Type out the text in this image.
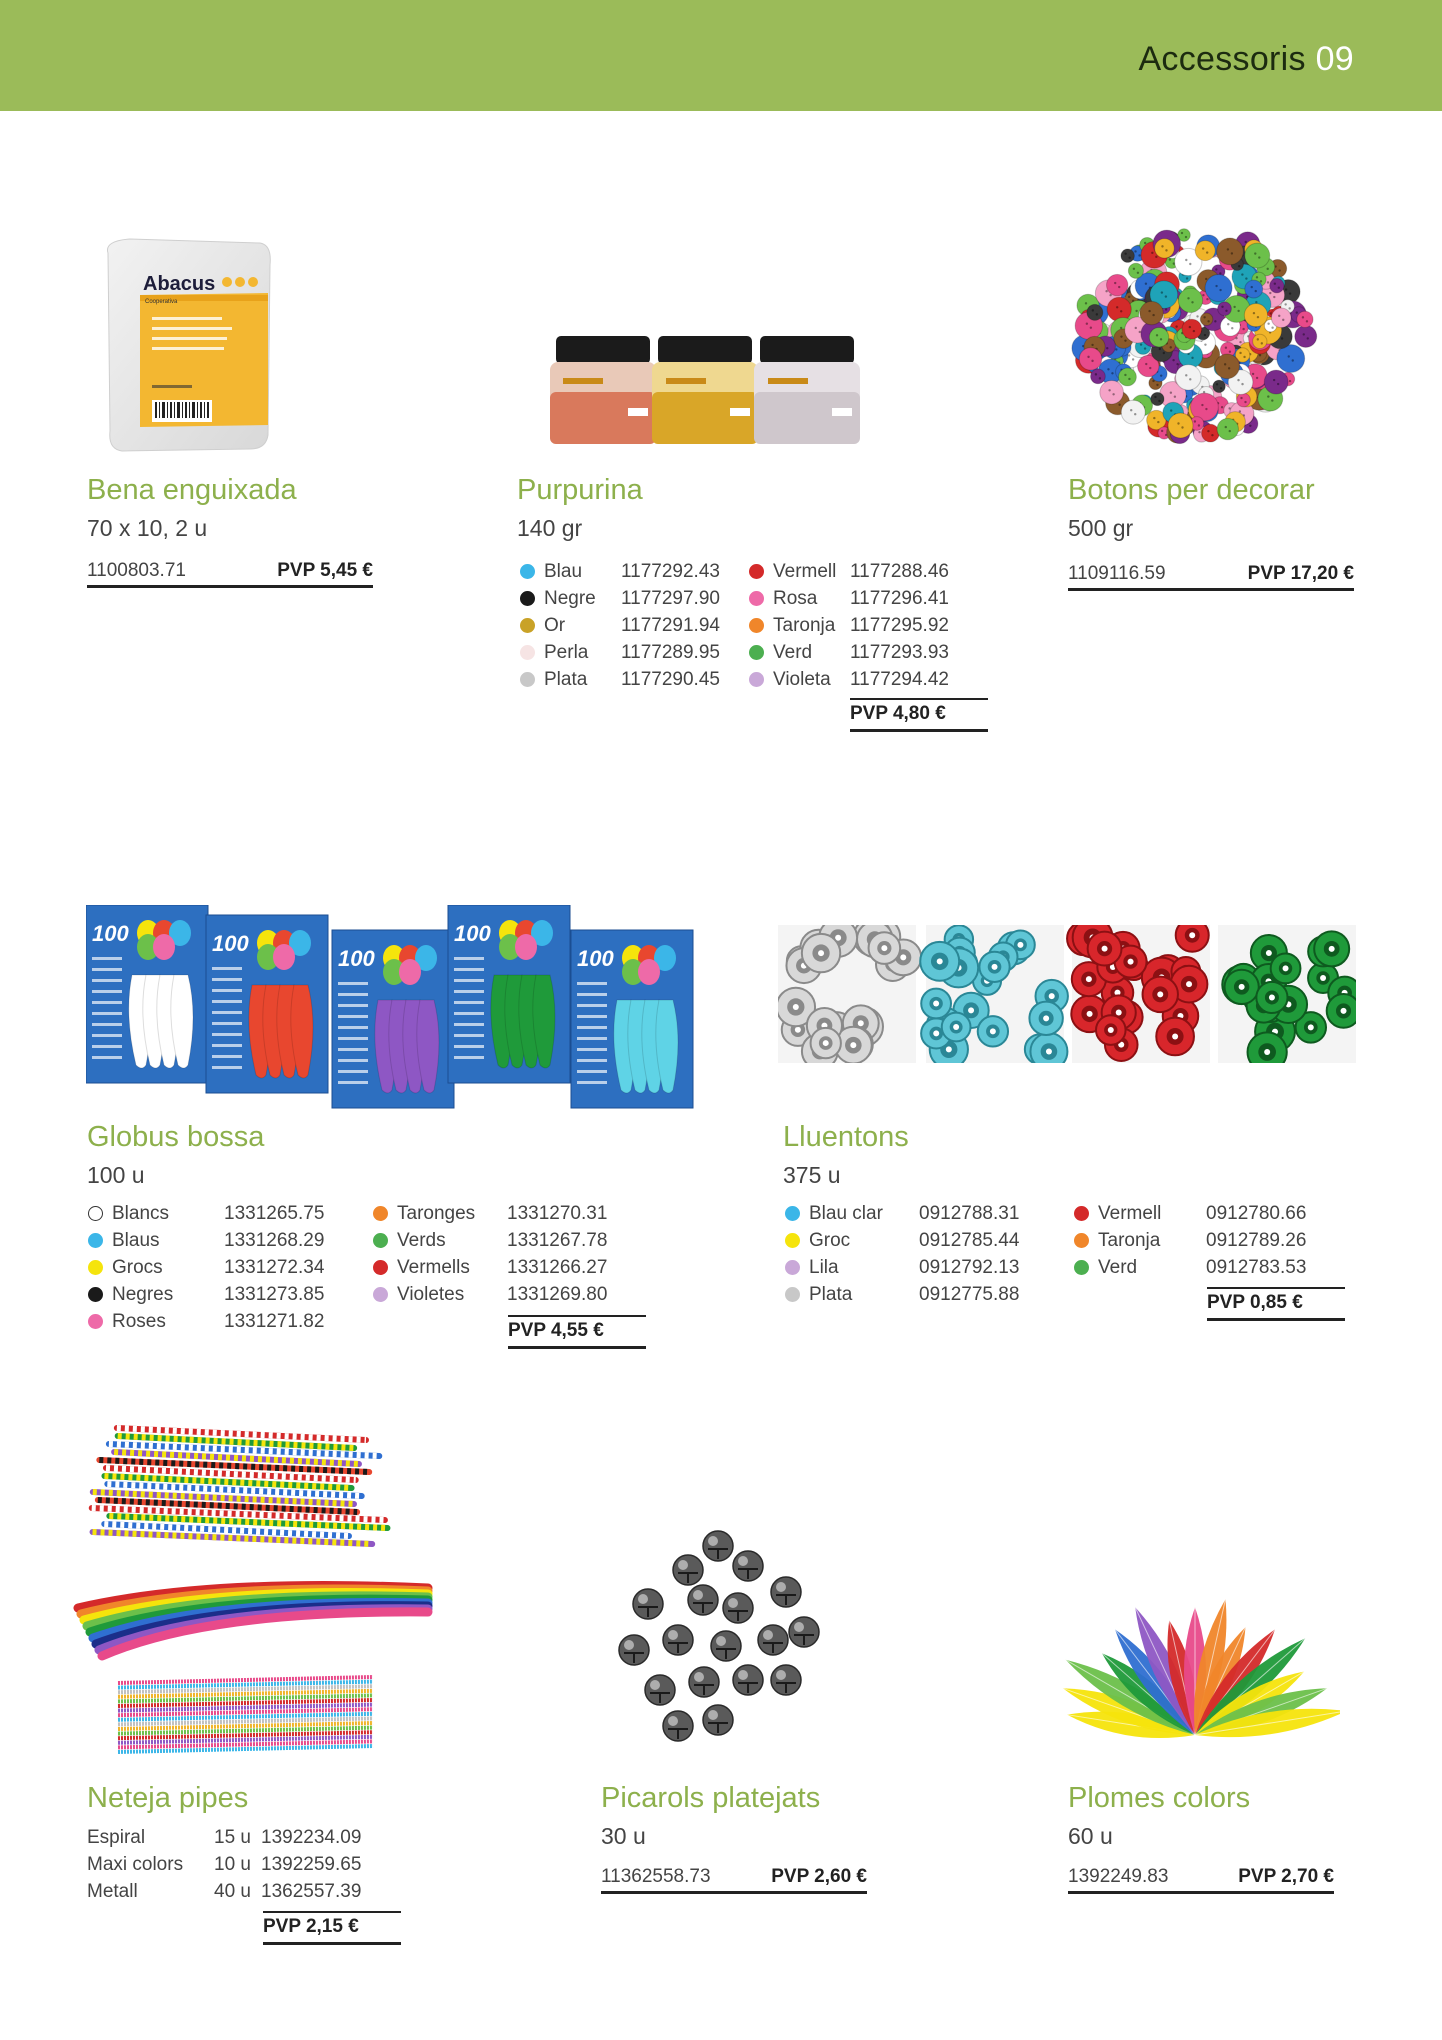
Accessoris 09
Abacus
Cooperativa
Bena enguixada
70 x 10, 2 u
1100803.71	PVP 5,45 €
Purpurina
140 gr
Blau	1177292.43
Negre	1177297.90
Or	1177291.94
Perla	1177289.95
Plata	1177290.45
Vermell 1177288.46
Rosa	1177296.41
Taronja 1177295.92
Verd	1177293.93
Violeta	1177294.42
PVP 4,80 €
Botons per decorar
500 gr
1109116.59	PVP 17,20 €
100	100
100
100
100
Globus bossa
100 u
Blancs	1331265.75
Blaus	1331268.29
Grocs	1331272.34
Negres	1331273.85
Roses	1331271.82
Taronges	1331270.31
Verds	1331267.78
Vermells	1331266.27
Violetes	1331269.80
PVP 4,55 €
Lluentons
375 u
Blau clar	0912788.31
Groc	0912785.44
Lila	0912792.13
Plata	0912775.88
Vermell	0912780.66
Taronja	0912789.26
Verd	0912783.53
PVP 0,85 €
Neteja pipes
Espiral	15 u 1392234.09
Maxi colors	10 u 1392259.65
Metall	40 u 1362557.39
PVP 2,15 €
Picarols platejats
30 u
11362558.73	PVP 2,60 €
Plomes colors
60 u
1392249.83	PVP 2,70 €
